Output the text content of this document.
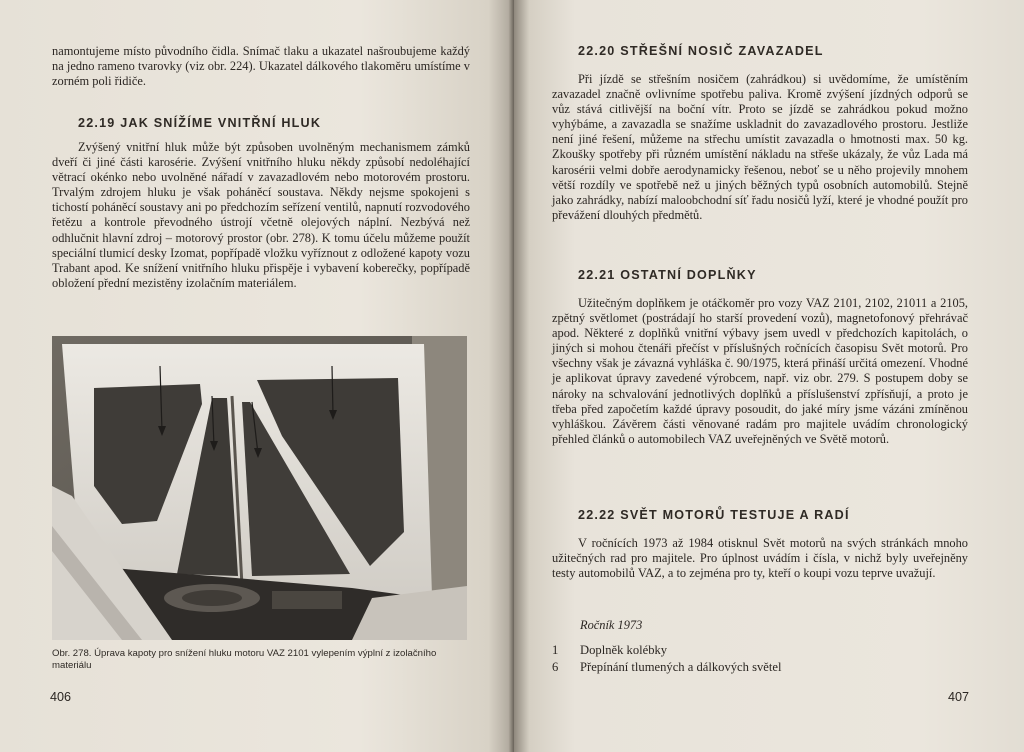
namontujeme místo původního čidla. Snímač tlaku a ukazatel našroubujeme každý na jedno rameno tvarovky (viz obr. 224). Ukazatel dálkového tlakoměru umístíme v zorném poli řidiče.

22.19 JAK SNÍŽÍME VNITŘNÍ HLUK

Zvýšený vnitřní hluk může být způsoben uvolněným mechanismem zámků dveří či jiné části karosérie. Zvýšení vnitřního hluku někdy způsobí nedoléhající větrací okénko nebo uvolněné nářadí v zavazadlovém nebo motorovém prostoru. Trvalým zdrojem hluku je však poháněcí soustava. Někdy nejsme spokojeni s tichostí poháněcí soustavy ani po předchozím seřízení ventilů, napnutí rozvodového řetězu a kontrole převodného ústrojí včetně olejových náplní. Nezbývá než odhlučnit hlavní zdroj – motorový prostor (obr. 278). K tomu účelu můžeme použít speciální tlumicí desky Izomat, popřípadě vložku vyříznout z odložené kapoty vozu Trabant apod. Ke snížení vnitřního hluku přispěje i vybavení koberečky, popřípadě obložení přední mezistěny izolačním materiálem.

Obr. 278. Úprava kapoty pro snížení hluku motoru VAZ 2101 vylepením výplní z izolačního materiálu
406
22.20 STŘEŠNÍ NOSIČ ZAVAZADEL

Při jízdě se střešním nosičem (zahrádkou) si uvědomíme, že umístěním zavazadel značně ovlivníme spotřebu paliva. Kromě zvýšení jízdných odporů se vůz stává citlivější na boční vítr. Proto se jízdě se zahrádkou pokud možno vyhýbáme, a zavazadla se snažíme uskladnit do zavazadlového prostoru. Jestliže není jiné řešení, můžeme na střechu umístit zavazadla o hmotnosti max. 50 kg. Zkoušky spotřeby při různém umístění nákladu na střeše ukázaly, že vůz Lada má karosérii velmi dobře aerodynamicky řešenou, neboť se u něho projevily mnohem větší rozdíly ve spotřebě než u jiných běžných typů osobních automobilů. Stejně jako zahrádky, nabízí maloobchodní síť řadu nosičů lyží, které je vhodné použít pro převážení dlouhých předmětů.

22.21 OSTATNÍ DOPLŇKY

Užitečným doplňkem je otáčkoměr pro vozy VAZ 2101, 2102, 21011 a 2105, zpětný světlomet (postrádají ho starší provedení vozů), magnetofonový přehrávač apod. Některé z doplňků vnitřní výbavy jsem uvedl v předchozích kapitolách, o jiných si mohou čtenáři přečíst v příslušných ročnících časopisu Svět motorů. Pro všechny však je závazná vyhláška č. 90/1975, která přináší určitá omezení. Vhodné je aplikovat úpravy zavedené výrobcem, např. viz obr. 279. S postupem doby se nároky na schvalování jednotlivých doplňků a příslušenství zpřísňují, a proto je třeba před započetím každé úpravy posoudit, do jaké míry jsme vázáni zmíněnou vyhláškou. Závěrem části věnované radám pro majitele uvádím chronologický přehled článků o automobilech VAZ uveřejněných ve Světě motorů.

22.22 SVĚT MOTORŮ TESTUJE A RADÍ

V ročnících 1973 až 1984 otisknul Svět motorů na svých stránkách mnoho užitečných rad pro majitele. Pro úplnost uvádím i čísla, v nichž byly uveřejněny testy automobilů VAZ, a to zejména pro ty, kteří o koupi vozu teprve uvažují.

Ročník 1973

1	Doplněk kolébky
6	Přepínání tlumených a dálkových světel
407
